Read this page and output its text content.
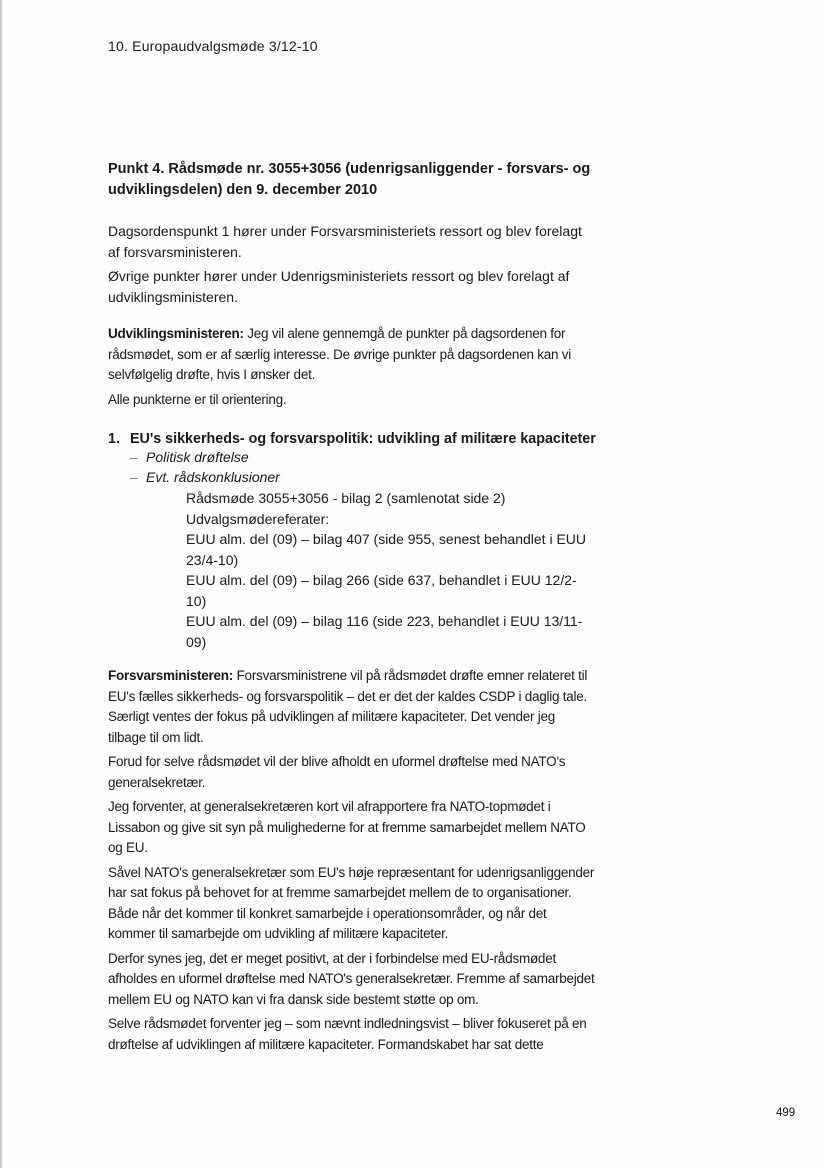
10. Europaudvalgsmøde 3/12-10
Punkt 4. Rådsmøde nr. 3055+3056 (udenrigsanliggender - forsvars- og udviklingsdelen) den 9. december 2010

Dagsordenspunkt 1 hører under Forsvarsministeriets ressort og blev forelagt af forsvarsministeren.

Øvrige punkter hører under Udenrigsministeriets ressort og blev forelagt af udviklingsministeren.

Udviklingsministeren: Jeg vil alene gennemgå de punkter på dagsordenen for rådsmødet, som er af særlig interesse. De øvrige punkter på dagsordenen kan vi selvfølgelig drøfte, hvis I ønsker det.

Alle punkterne er til orientering.

1. EU's sikkerheds- og forsvarspolitik: udvikling af militære kapaciteter
– Politisk drøftelse
– Evt. rådskonklusioner
Rådsmøde 3055+3056 - bilag 2 (samlenotat side 2)
Udvalgsmødereferater:
EUU alm. del (09) – bilag 407 (side 955, senest behandlet i EUU 23/4-10)
EUU alm. del (09) – bilag 266 (side 637, behandlet i EUU 12/2-10)
EUU alm. del (09) – bilag 116 (side 223, behandlet i EUU 13/11-09)

Forsvarsministeren: Forsvarsministrene vil på rådsmødet drøfte emner relateret til EU's fælles sikkerheds- og forsvarspolitik – det er det der kaldes CSDP i daglig tale. Særligt ventes der fokus på udviklingen af militære kapaciteter. Det vender jeg tilbage til om lidt.

Forud for selve rådsmødet vil der blive afholdt en uformel drøftelse med NATO's generalsekretær.

Jeg forventer, at generalsekretæren kort vil afrapportere fra NATO-topmødet i Lissabon og give sit syn på mulighederne for at fremme samarbejdet mellem NATO og EU.

Såvel NATO's generalsekretær som EU's høje repræsentant for udenrigsanliggender har sat fokus på behovet for at fremme samarbejdet mellem de to organisationer. Både når det kommer til konkret samarbejde i operationsområder, og når det kommer til samarbejde om udvikling af militære kapaciteter.

Derfor synes jeg, det er meget positivt, at der i forbindelse med EU-rådsmødet afholdes en uformel drøftelse med NATO's generalsekretær. Fremme af samarbejdet mellem EU og NATO kan vi fra dansk side bestemt støtte op om.

Selve rådsmødet forventer jeg – som nævnt indledningsvist – bliver fokuseret på en drøftelse af udviklingen af militære kapaciteter. Formandskabet har sat dette

499
